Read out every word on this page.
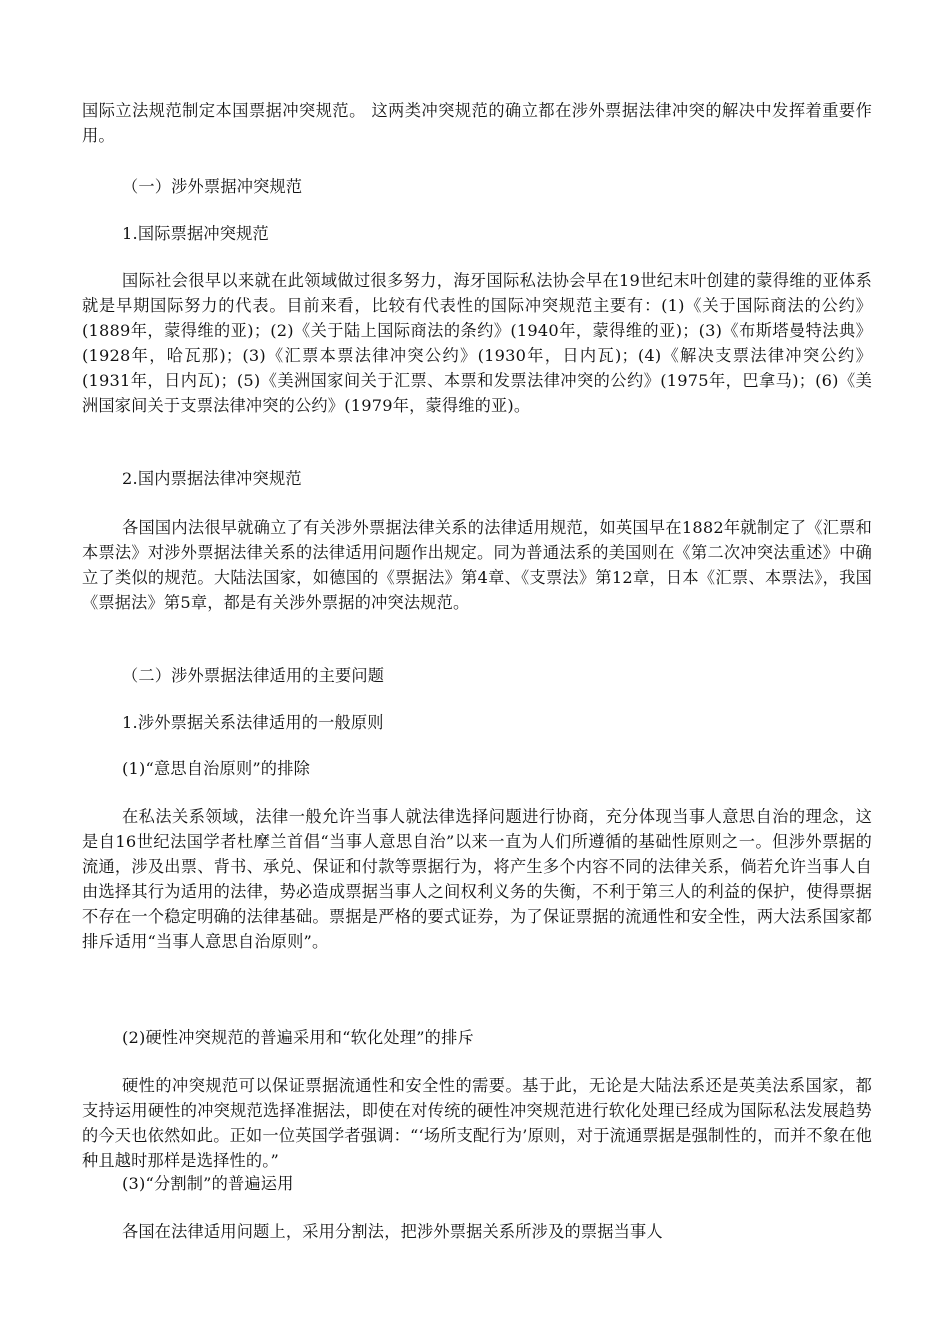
国际立法规范制定本国票据冲突规范。 这两类冲突规范的确立都在涉外票据法律冲突的解决中发挥着重要作用。

（一）涉外票据冲突规范

1.国际票据冲突规范

国际社会很早以来就在此领域做过很多努力，海牙国际私法协会早在19世纪末叶创建的蒙得维的亚体系就是早期国际努力的代表。目前来看，比较有代表性的国际冲突规范主要有：(1)《关于国际商法的公约》(1889年，蒙得维的亚)；(2)《关于陆上国际商法的条约》(1940年，蒙得维的亚)；(3)《布斯塔曼特法典》(1928年，哈瓦那)；(3)《汇票本票法律冲突公约》(1930年，日内瓦)；(4)《解决支票法律冲突公约》(1931年，日内瓦)；(5)《美洲国家间关于汇票、本票和发票法律冲突的公约》(1975年，巴拿马)；(6)《美洲国家间关于支票法律冲突的公约》(1979年，蒙得维的亚)。

2.国内票据法律冲突规范

各国国内法很早就确立了有关涉外票据法律关系的法律适用规范，如英国早在1882年就制定了《汇票和本票法》对涉外票据法律关系的法律适用问题作出规定。同为普通法系的美国则在《第二次冲突法重述》中确立了类似的规范。大陆法国家，如德国的《票据法》第4章、《支票法》第12章，日本《汇票、本票法》，我国《票据法》第5章，都是有关涉外票据的冲突法规范。

（二）涉外票据法律适用的主要问题

1.涉外票据关系法律适用的一般原则

(1)“意思自治原则”的排除

在私法关系领域，法律一般允许当事人就法律选择问题进行协商，充分体现当事人意思自治的理念，这是自16世纪法国学者杜摩兰首倡“当事人意思自治”以来一直为人们所遵循的基础性原则之一。但涉外票据的流通，涉及出票、背书、承兑、保证和付款等票据行为，将产生多个内容不同的法律关系，倘若允许当事人自由选择其行为适用的法律，势必造成票据当事人之间权利义务的失衡，不利于第三人的利益的保护，使得票据不存在一个稳定明确的法律基础。票据是严格的要式证券，为了保证票据的流通性和安全性，两大法系国家都排斥适用“当事人意思自治原则”。

(2)硬性冲突规范的普遍采用和“软化处理”的排斥

硬性的冲突规范可以保证票据流通性和安全性的需要。基于此，无论是大陆法系还是英美法系国家，都支持运用硬性的冲突规范选择准据法，即使在对传统的硬性冲突规范进行软化处理已经成为国际私法发展趋势的今天也依然如此。正如一位英国学者强调：“‘场所支配行为’原则，对于流通票据是强制性的，而并不象在他种且越时那样是选择性的。”

(3)“分割制”的普遍运用

各国在法律适用问题上，采用分割法，把涉外票据关系所涉及的票据当事人
